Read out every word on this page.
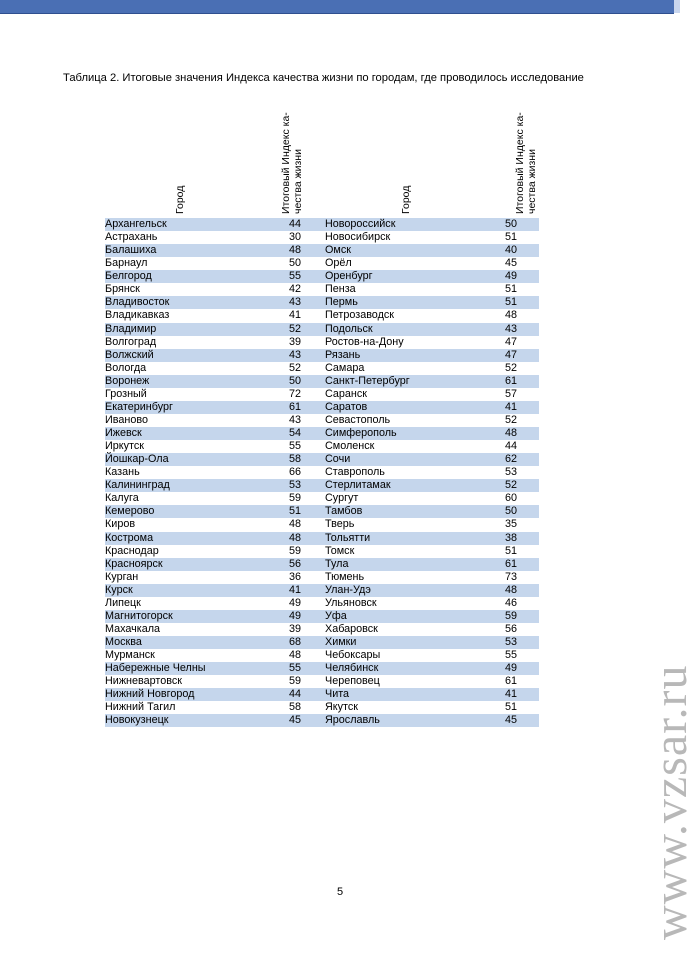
Таблица 2. Итоговые значения Индекса качества жизни по городам, где проводилось исследование
Город	Итоговый Индекс ка- чества жизни	Город	Итоговый Индекс ка- чества жизни
Архангельск	44	Новороссийск	50
Астрахань	30	Новосибирск	51
Балашиха	48	Омск	40
Барнаул	50	Орёл	45
Белгород	55	Оренбург	49
Брянск	42	Пенза	51
Владивосток	43	Пермь	51
Владикавказ	41	Петрозаводск	48
Владимир	52	Подольск	43
Волгоград	39	Ростов-на-Дону	47
Волжский	43	Рязань	47
Вологда	52	Самара	52
Воронеж	50	Санкт-Петербург	61
Грозный	72	Саранск	57
Екатеринбург	61	Саратов	41
Иваново	43	Севастополь	52
Ижевск	54	Симферополь	48
Иркутск	55	Смоленск	44
Йошкар-Ола	58	Сочи	62
Казань	66	Ставрополь	53
Калининград	53	Стерлитамак	52
Калуга	59	Сургут	60
Кемерово	51	Тамбов	50
Киров	48	Тверь	35
Кострома	48	Тольятти	38
Краснодар	59	Томск	51
Красноярск	56	Тула	61
Курган	36	Тюмень	73
Курск	41	Улан-Удэ	48
Липецк	49	Ульяновск	46
Магнитогорск	49	Уфа	59
Махачкала	39	Хабаровск	56
Москва	68	Химки	53
Мурманск	48	Чебоксары	55
Набережные Челны	55	Челябинск	49
Нижневартовск	59	Череповец	61
Нижний Новгород	44	Чита	41
Нижний Тагил	58	Якутск	51
Новокузнецк	45	Ярославль	45
5	www.vzsar.ru
